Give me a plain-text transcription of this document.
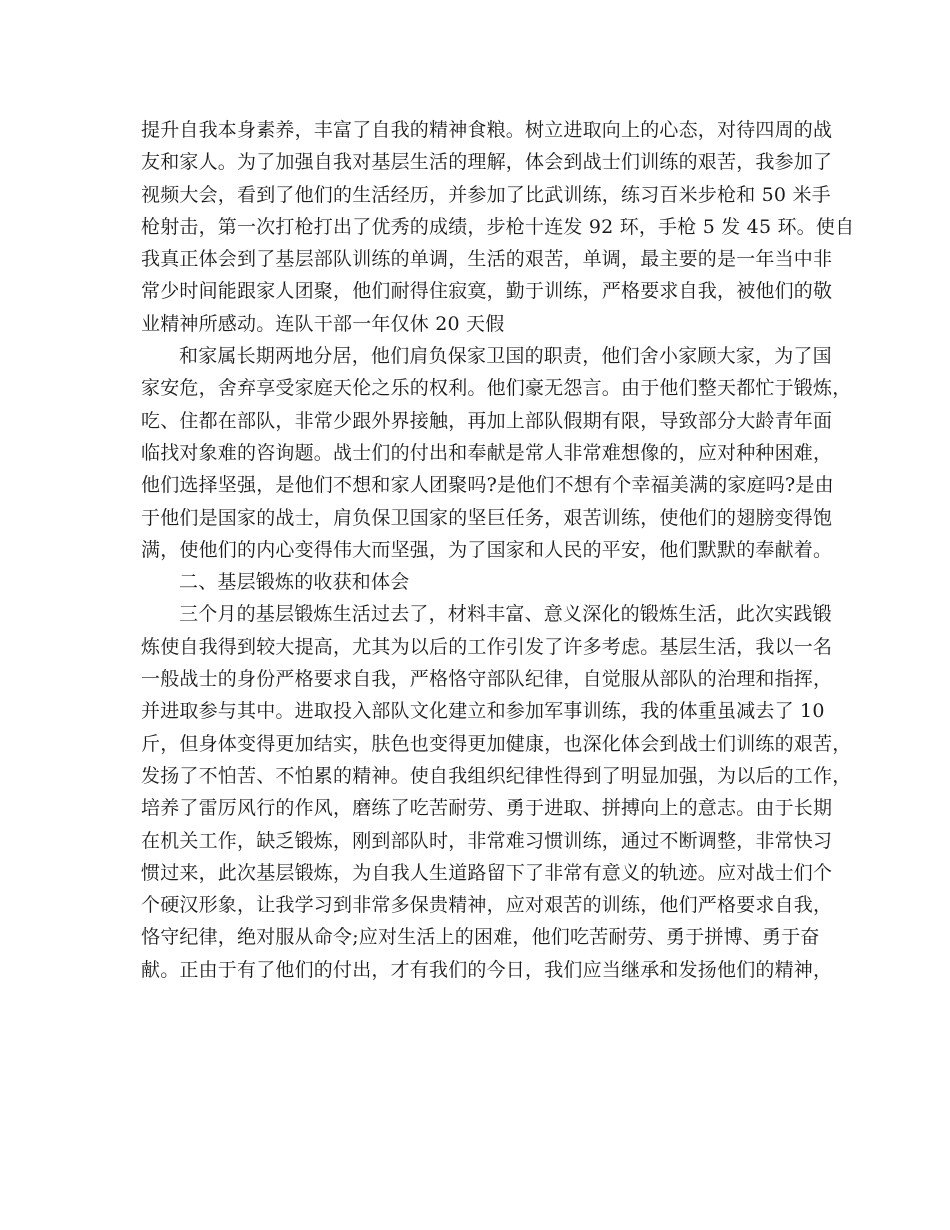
提升自我本身素养，丰富了自我的精神食粮。树立进取向上的心态，对待四周的战
友和家人。为了加强自我对基层生活的理解，体会到战士们训练的艰苦，我参加了
视频大会，看到了他们的生活经历，并参加了比武训练，练习百米步枪和 50 米手
枪射击，第一次打枪打出了优秀的成绩，步枪十连发 92 环，手枪 5 发 45 环。使自
我真正体会到了基层部队训练的单调，生活的艰苦，单调，最主要的是一年当中非
常少时间能跟家人团聚，他们耐得住寂寞，勤于训练，严格要求自我，被他们的敬
业精神所感动。连队干部一年仅休 20 天假
和家属长期两地分居，他们肩负保家卫国的职责，他们舍小家顾大家，为了国
家安危，舍弃享受家庭天伦之乐的权利。他们豪无怨言。由于他们整天都忙于锻炼，
吃、住都在部队，非常少跟外界接触，再加上部队假期有限，导致部分大龄青年面
临找对象难的咨询题。战士们的付出和奉献是常人非常难想像的，应对种种困难，
他们选择坚强，是他们不想和家人团聚吗?是他们不想有个幸福美满的家庭吗?是由
于他们是国家的战士，肩负保卫国家的坚巨任务，艰苦训练，使他们的翅膀变得饱
满，使他们的内心变得伟大而坚强，为了国家和人民的平安，他们默默的奉献着。
二、基层锻炼的收获和体会
三个月的基层锻炼生活过去了，材料丰富、意义深化的锻炼生活，此次实践锻
炼使自我得到较大提高，尤其为以后的工作引发了许多考虑。基层生活，我以一名
一般战士的身份严格要求自我，严格恪守部队纪律，自觉服从部队的治理和指挥，
并进取参与其中。进取投入部队文化建立和参加军事训练，我的体重虽减去了 10
斤，但身体变得更加结实，肤色也变得更加健康，也深化体会到战士们训练的艰苦，
发扬了不怕苦、不怕累的精神。使自我组织纪律性得到了明显加强，为以后的工作，
培养了雷厉风行的作风，磨练了吃苦耐劳、勇于进取、拼搏向上的意志。由于长期
在机关工作，缺乏锻炼，刚到部队时，非常难习惯训练，通过不断调整，非常快习
惯过来，此次基层锻炼，为自我人生道路留下了非常有意义的轨迹。应对战士们个
个硬汉形象，让我学习到非常多保贵精神，应对艰苦的训练，他们严格要求自我，
恪守纪律，绝对服从命令;应对生活上的困难，他们吃苦耐劳、勇于拼博、勇于奋
献。正由于有了他们的付出，才有我们的今日，我们应当继承和发扬他们的精神，
